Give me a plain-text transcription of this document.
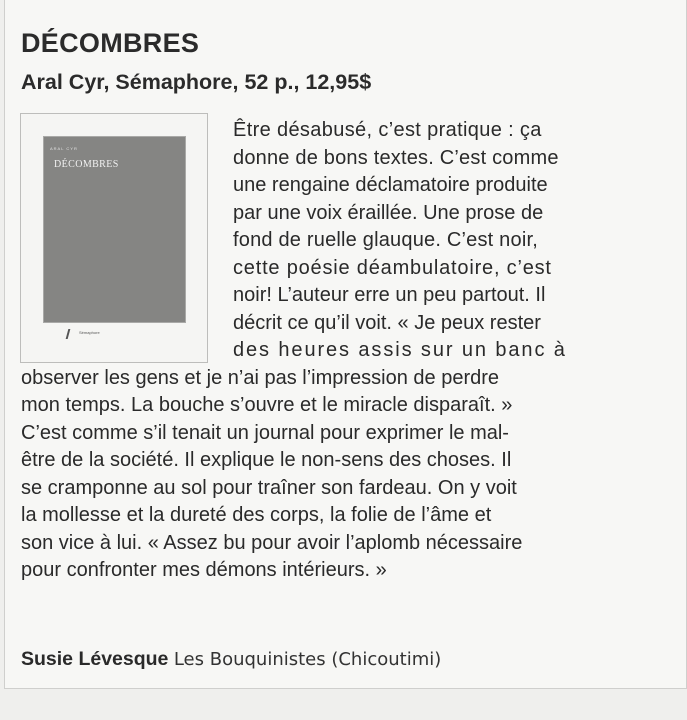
DÉCOMBRES
Aral Cyr, Sémaphore, 52 p., 12,95$
ARAL CYR
DÉCOMBRES
Sémaphore
Être désabusé, c’est pratique : ça
donne de bons textes. C’est comme
une rengaine déclamatoire produite
par une voix éraillée. Une prose de
fond de ruelle glauque. C’est noir,
cette poésie déambulatoire, c’est
noir! L’auteur erre un peu partout. Il
décrit ce qu’il voit. « Je peux rester
des heures assis sur un banc à
observer les gens et je n’ai pas l’impression de perdre
mon temps. La bouche s’ouvre et le miracle disparaît. »
C’est comme s’il tenait un journal pour exprimer le mal-
être de la société. Il explique le non-sens des choses. Il
se cramponne au sol pour traîner son fardeau. On y voit
la mollesse et la dureté des corps, la folie de l’âme et
son vice à lui. « Assez bu pour avoir l’aplomb nécessaire
pour confronter mes démons intérieurs. »
Susie Lévesque Les Bouquinistes (Chicoutimi)
